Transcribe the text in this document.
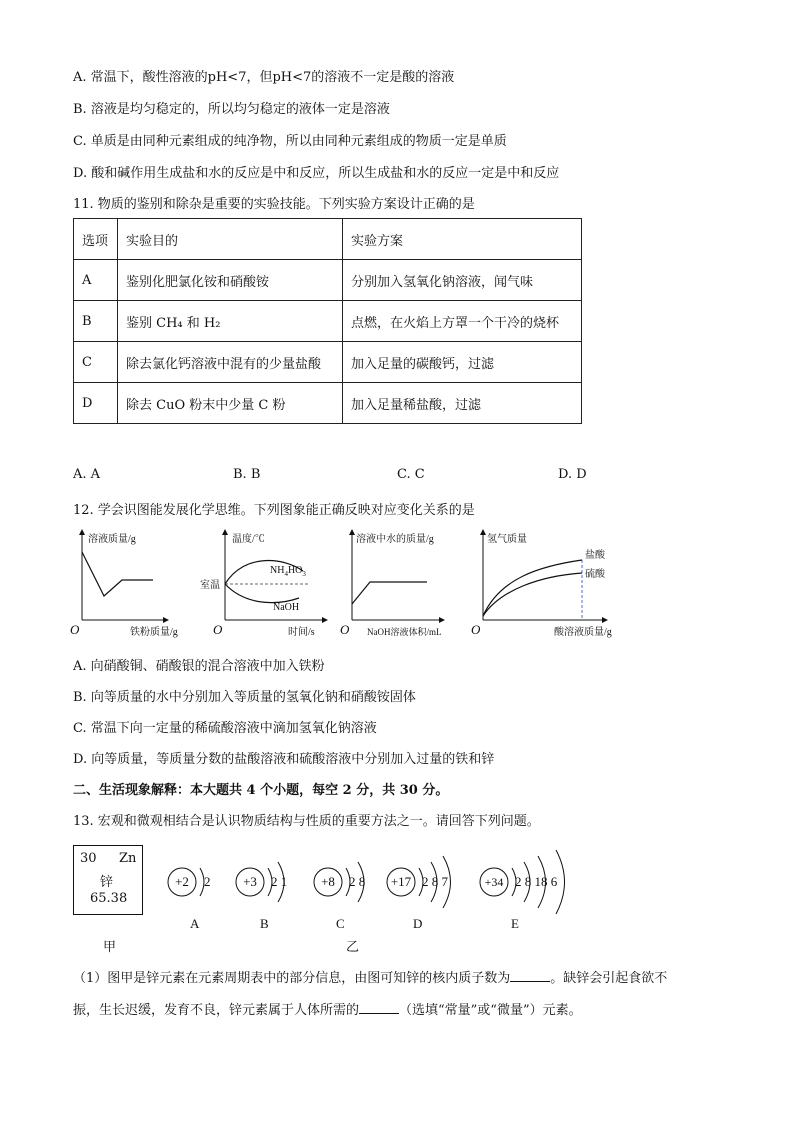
A. 常温下，酸性溶液的pH<7，但pH<7的溶液不一定是酸的溶液
B. 溶液是均匀稳定的，所以均匀稳定的液体一定是溶液
C. 单质是由同种元素组成的纯净物，所以由同种元素组成的物质一定是单质
D. 酸和碱作用生成盐和水的反应是中和反应，所以生成盐和水的反应一定是中和反应
11. 物质的鉴别和除杂是重要的实验技能。下列实验方案设计正确的是
选项	实验目的	实验方案
A	鉴别化肥氯化铵和硝酸铵	分别加入氢氧化钠溶液，闻气味
B	鉴别 CH₄ 和 H₂	点燃，在火焰上方罩一个干冷的烧杯
C	除去氯化钙溶液中混有的少量盐酸	加入足量的碳酸钙，过滤
D	除去 CuO 粉末中少量 C 粉	加入足量稀盐酸，过滤
A. A	B. B	C. C	D. D
12. 学会识图能发展化学思维。下列图象能正确反映对应变化关系的是
溶液质量/g
铁粉质量/g
O
温度/℃
室温
$NH_4HO_3$
NaOH
时间/s
O
溶液中水的质量/g
NaOH溶液体积/mL
O
氢气质量
盐酸
硫酸
酸溶液质量/g
O
A. 向硝酸铜、硝酸银的混合溶液中加入铁粉
B. 向等质量的水中分别加入等质量的氢氧化钠和硝酸铵固体
C. 常温下向一定量的稀硫酸溶液中滴加氢氧化钠溶液
D. 向等质量，等质量分数的盐酸溶液和硫酸溶液中分别加入过量的铁和锌
二、生活现象解释：本大题共 4 个小题，每空 2 分，共 30 分。
13. 宏观和微观相结合是认识物质结构与性质的重要方法之一。请回答下列问题。
30 Zn
锌
65.38
甲
+2 2
A
+3 2 1
B
+8 2 8
C
+17 2 8 7
D
+34 2 8 18 6
E
乙
（1）图甲是锌元素在元素周期表中的部分信息，由图可知锌的核内质子数为	。缺锌会引起食欲不
振，生长迟缓，发育不良，锌元素属于人体所需的	（选填“常量”或“微量”）元素。
